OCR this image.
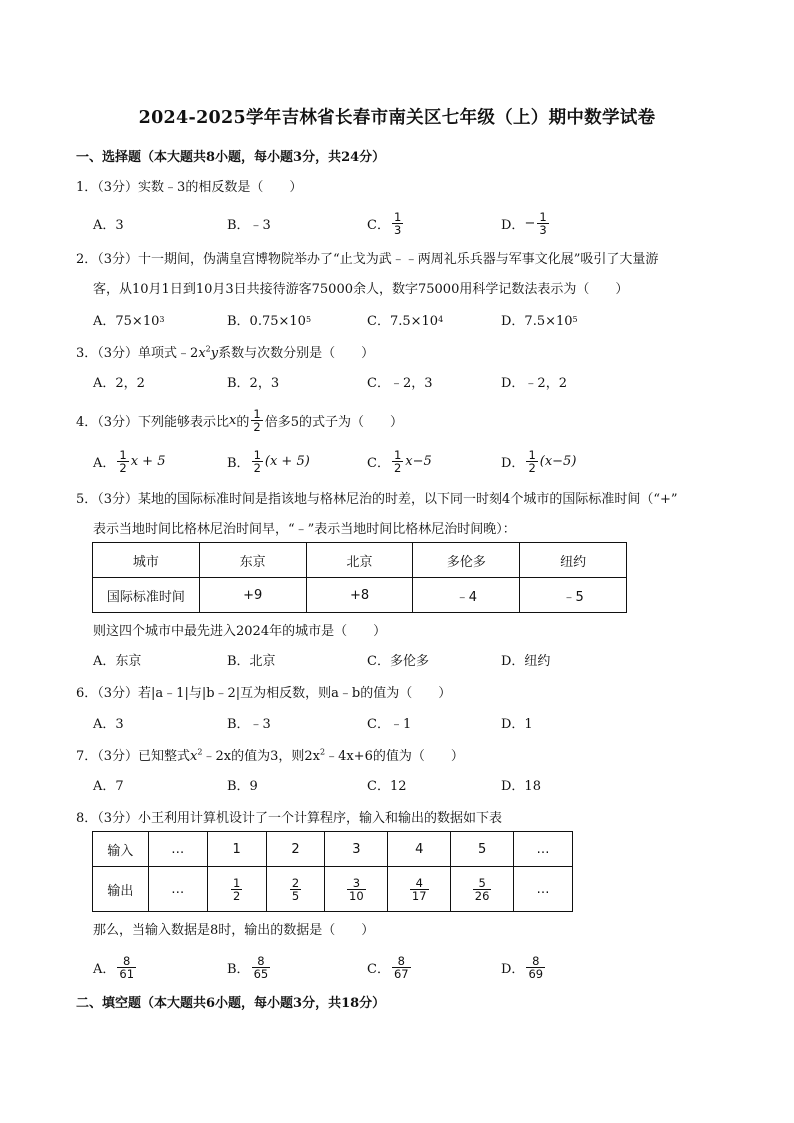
2024-2025学年吉林省长春市南关区七年级（上）期中数学试卷
一、选择题（本大题共8小题，每小题3分，共24分）
1．（3分）实数﹣3的相反数是（　　）
A．3	B．﹣3	C．
1
3	D． − $\frac{1}{3}$
2．（3分）十一期间，伪满皇宫博物院举办了“止戈为武﹣﹣两周礼乐兵器与军事文化展”吸引了大量游
客，从10月1日到10月3日共接待游客75000余人，数字75000用科学记数法表示为（　　）
A．75×10 3	B．0.75×10 5	C．7.5×10 4	D．7.5×10 5
3．（3分）单项式$﹣2x^2y$系数与次数分别是（　　）
A．2，2	B．2，3	C．﹣2，3	D．﹣2，2
4．（3分）下列能够表示比 x 的
1
2 倍多5的式子为（　　）
A．
1
2 x + 5	B．
1
2 (x + 5)	C．
1
2 x−5	D．
1
2 (x−5)
5．（3分）某地的国际标准时间是指该地与格林尼治的时差，以下同一时刻4个城市的国际标准时间（“+”
表示当地时间比格林尼治时间早，“﹣”表示当地时间比格林尼治时间晚）：
城市	东京	北京	多伦多	纽约
国际标准时间	+9	+8	﹣4	﹣5
则这四个城市中最先进入2024年的城市是（　　）
A．东京	B．北京	C．多伦多	D．纽约
6．（3分）若|a﹣1|与|b﹣2|互为相反数，则a﹣b的值为（　　）
A．3	B．﹣3	C．﹣1	D．1
7．（3分）已知整式$x^2﹣2x$的值为3，则$2x^2﹣4x+6$的值为（　　）
A．7	B．9	C．12	D．18
8．（3分）小王利用计算机设计了一个计算程序，输入和输出的数据如下表
输入	…	1	2	3	4	5	…
输出	…	$\frac{1}{2}$	$\frac{2}{5}$	$\frac{3}{10}$	$\frac{4}{17}$	$\frac{5}{26}$	…
那么，当输入数据是8时，输出的数据是（　　）
A．
8
61	B．
8
65	C．
8
67	D．
8
69
二、填空题（本大题共6小题，每小题3分，共18分）
